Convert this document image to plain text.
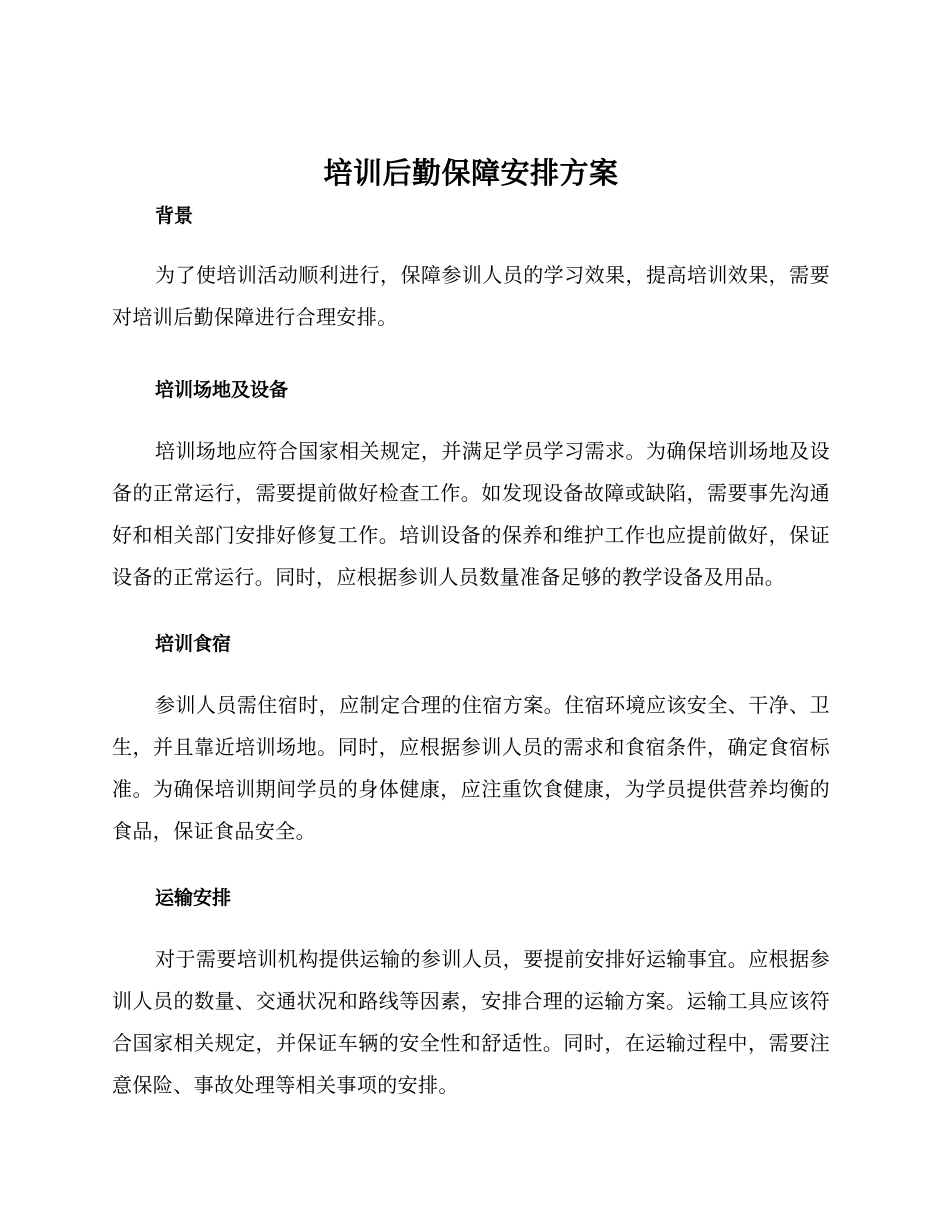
培训后勤保障安排方案
背景

为了使培训活动顺利进行，保障参训人员的学习效果，提高培训效果，需要对培训后勤保障进行合理安排。

培训场地及设备

培训场地应符合国家相关规定，并满足学员学习需求。为确保培训场地及设备的正常运行，需要提前做好检查工作。如发现设备故障或缺陷，需要事先沟通好和相关部门安排好修复工作。培训设备的保养和维护工作也应提前做好，保证设备的正常运行。同时，应根据参训人员数量准备足够的教学设备及用品。

培训食宿

参训人员需住宿时，应制定合理的住宿方案。住宿环境应该安全、干净、卫生，并且靠近培训场地。同时，应根据参训人员的需求和食宿条件，确定食宿标准。为确保培训期间学员的身体健康，应注重饮食健康，为学员提供营养均衡的食品，保证食品安全。

运输安排

对于需要培训机构提供运输的参训人员，要提前安排好运输事宜。应根据参训人员的数量、交通状况和路线等因素，安排合理的运输方案。运输工具应该符合国家相关规定，并保证车辆的安全性和舒适性。同时，在运输过程中，需要注意保险、事故处理等相关事项的安排。
